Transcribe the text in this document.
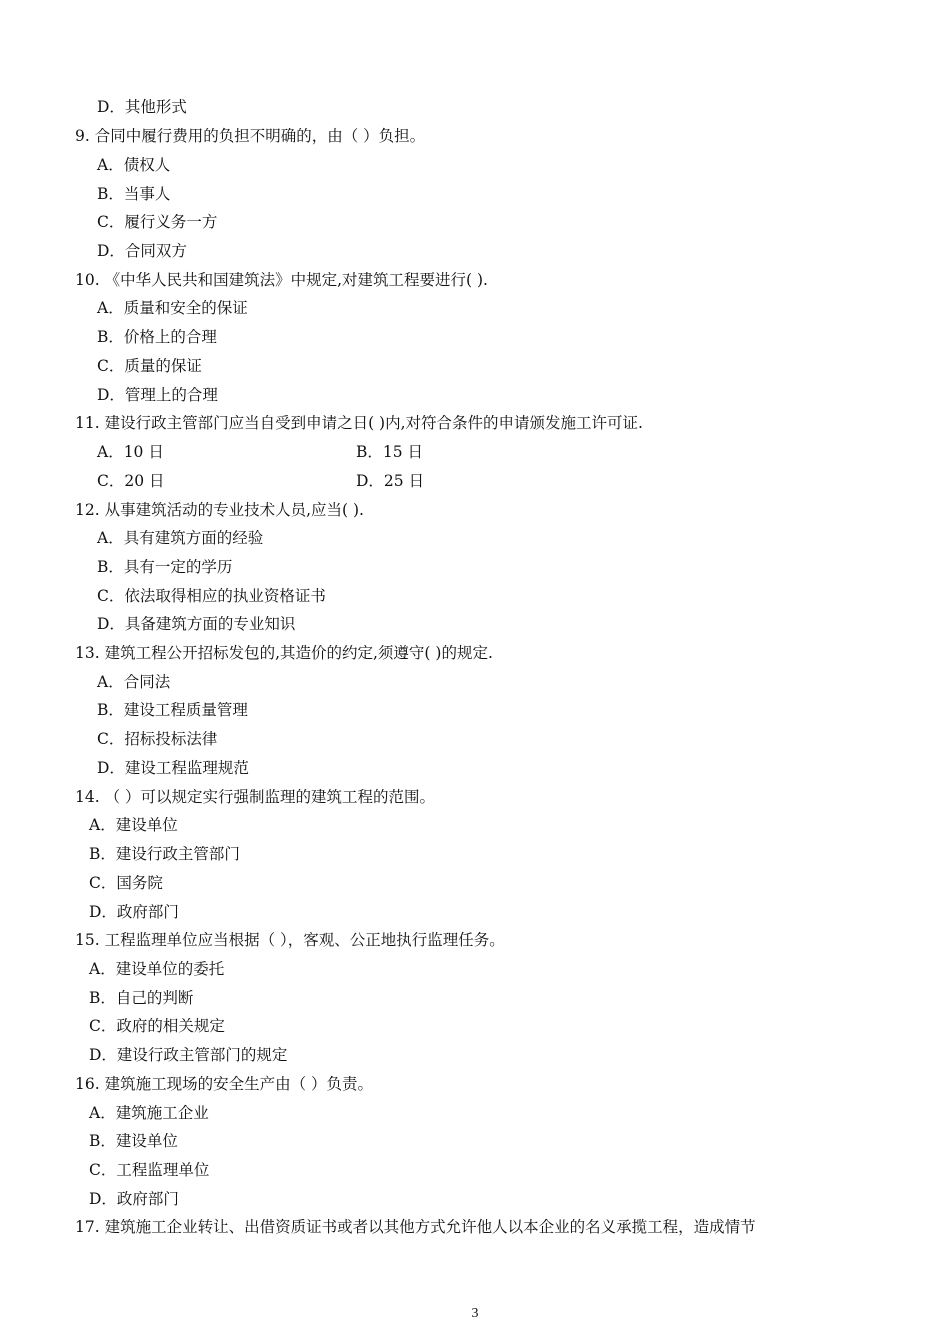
D．其他形式
9. 合同中履行费用的负担不明确的，由（ ）负担。
A．债权人
B．当事人
C．履行义务一方
D．合同双方
10. 《中华人民共和国建筑法》中规定,对建筑工程要进行( ).
A．质量和安全的保证
B．价格上的合理
C．质量的保证
D．管理上的合理
11. 建设行政主管部门应当自受到申请之日( )内,对符合条件的申请颁发施工许可证.
A．10 日	B．15 日
C．20 日	D．25 日
12. 从事建筑活动的专业技术人员,应当( ).
A．具有建筑方面的经验
B．具有一定的学历
C．依法取得相应的执业资格证书
D．具备建筑方面的专业知识
13. 建筑工程公开招标发包的,其造价的约定,须遵守( )的规定.
A．合同法
B．建设工程质量管理
C．招标投标法律
D．建设工程监理规范
14. （ ）可以规定实行强制监理的建筑工程的范围。
A．建设单位
B．建设行政主管部门
C．国务院
D．政府部门
15. 工程监理单位应当根据（ ），客观、公正地执行监理任务。
A．建设单位的委托
B．自己的判断
C．政府的相关规定
D．建设行政主管部门的规定
16. 建筑施工现场的安全生产由（ ）负责。
A．建筑施工企业
B．建设单位
C．工程监理单位
D．政府部门
17. 建筑施工企业转让、出借资质证书或者以其他方式允许他人以本企业的名义承揽工程，造成情节
3
